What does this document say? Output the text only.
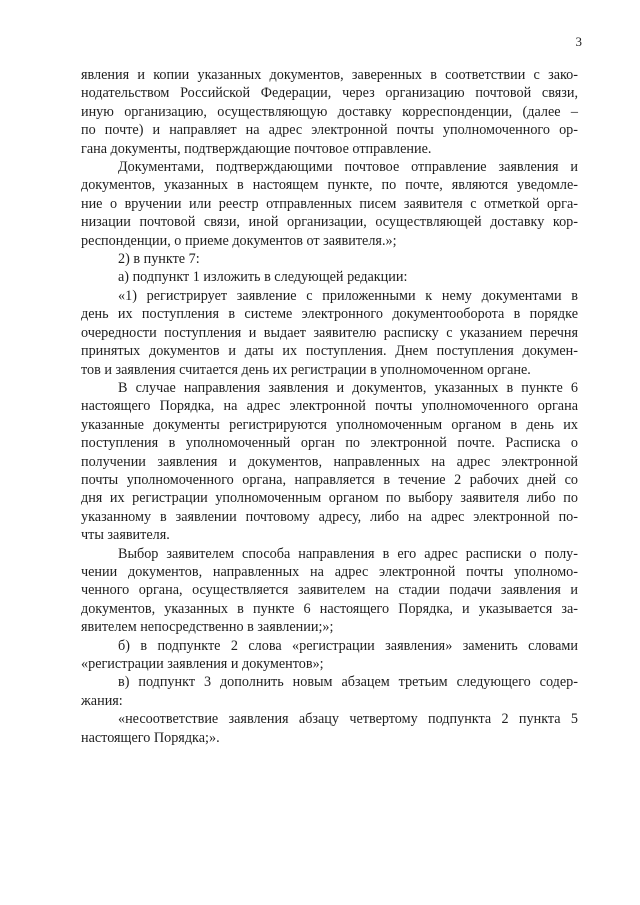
3
явления и копии указанных документов, заверенных в соответствии с зако-
нодательством Российской Федерации, через организацию почтовой связи,
иную организацию, осуществляющую доставку корреспонденции, (далее –
по почте) и направляет на адрес электронной почты уполномоченного ор-
гана документы, подтверждающие почтовое отправление.
Документами, подтверждающими почтовое отправление заявления и
документов, указанных в настоящем пункте, по почте, являются уведомле-
ние о вручении или реестр отправленных писем заявителя с отметкой орга-
низации почтовой связи, иной организации, осуществляющей доставку кор-
респонденции, о приеме документов от заявителя.»;
2) в пункте 7:
а) подпункт 1 изложить в следующей редакции:
«1) регистрирует заявление с приложенными к нему документами в
день их поступления в системе электронного документооборота в порядке
очередности поступления и выдает заявителю расписку с указанием перечня
принятых документов и даты их поступления. Днем поступления докумен-
тов и заявления считается день их регистрации в уполномоченном органе.
В случае направления заявления и документов, указанных в пункте 6
настоящего Порядка, на адрес электронной почты уполномоченного органа
указанные документы регистрируются уполномоченным органом в день их
поступления в уполномоченный орган по электронной почте. Расписка о
получении заявления и документов, направленных на адрес электронной
почты уполномоченного органа, направляется в течение 2 рабочих дней со
дня их регистрации уполномоченным органом по выбору заявителя либо по
указанному в заявлении почтовому адресу, либо на адрес электронной по-
чты заявителя.
Выбор заявителем способа направления в его адрес расписки о полу-
чении документов, направленных на адрес электронной почты уполномо-
ченного органа, осуществляется заявителем на стадии подачи заявления и
документов, указанных в пункте 6 настоящего Порядка, и указывается за-
явителем непосредственно в заявлении;»;
б) в подпункте 2 слова «регистрации заявления» заменить словами
«регистрации заявления и документов»;
в) подпункт 3 дополнить новым абзацем третьим следующего содер-
жания:
«несоответствие заявления абзацу четвертому подпункта 2 пункта 5
настоящего Порядка;».
